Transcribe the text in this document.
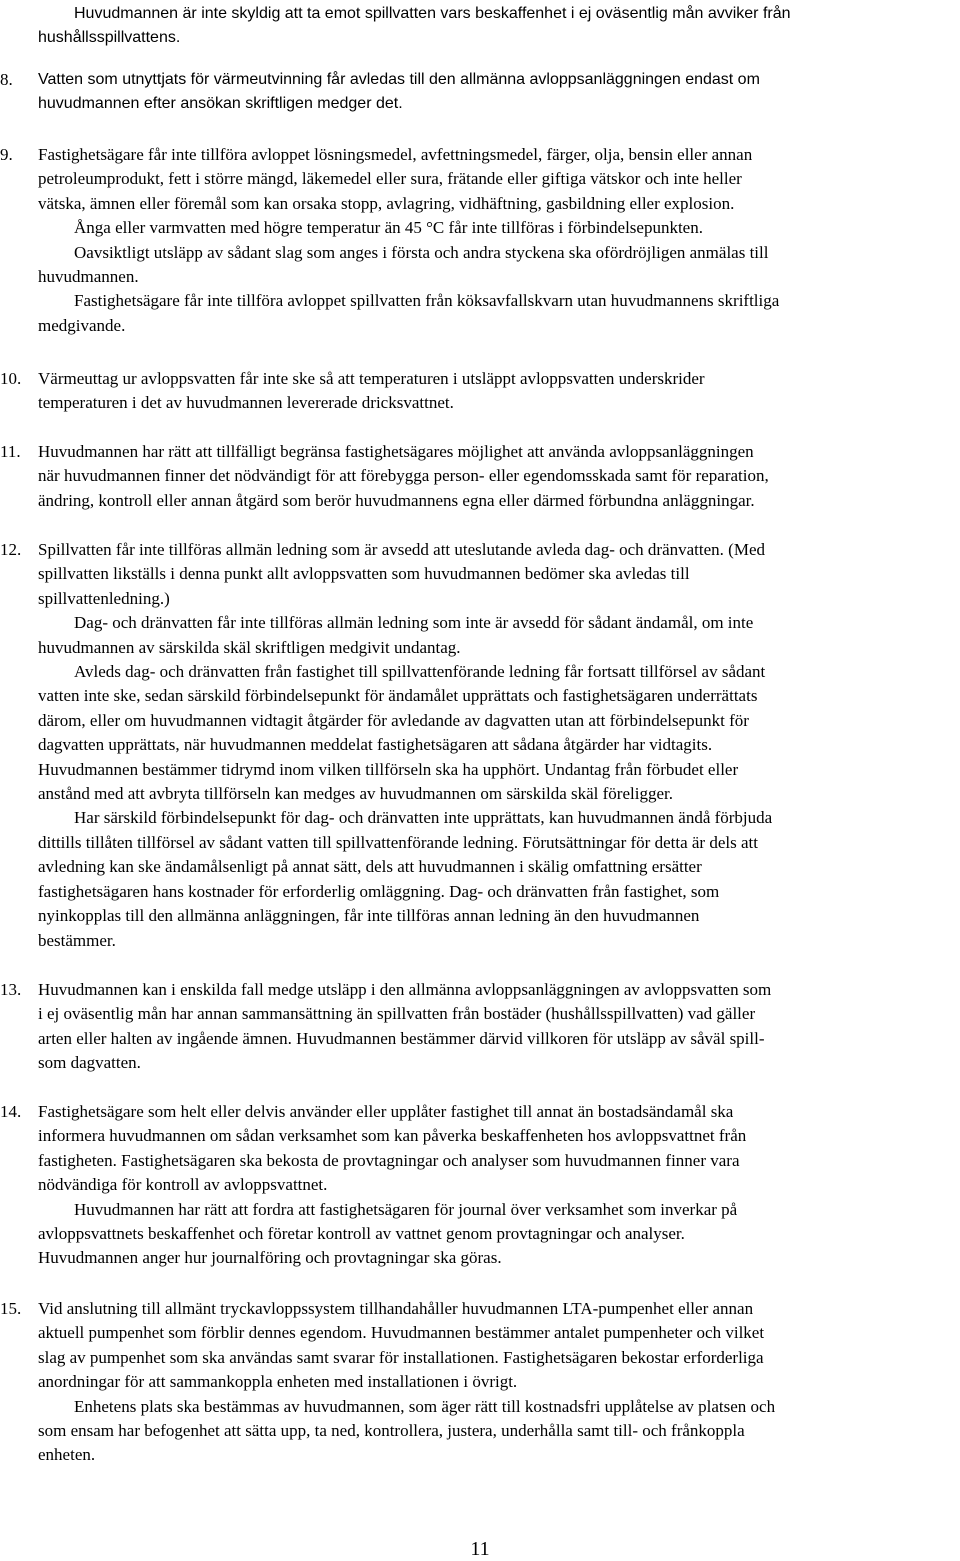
Huvudmannen är inte skyldig att ta emot spillvatten vars beskaffenhet i ej oväsentlig mån avviker från
hushållsspillvattens.

8. Vatten som utnyttjats för värmeutvinning får avledas till den allmänna avloppsanläggningen endast om
huvudmannen efter ansökan skriftligen medger det.

9. Fastighetsägare får inte tillföra avloppet lösningsmedel, avfettningsmedel, färger, olja, bensin eller annan
petroleumprodukt, fett i större mängd, läkemedel eller sura, frätande eller giftiga vätskor och inte heller
vätska, ämnen eller föremål som kan orsaka stopp, avlagring, vidhäftning, gasbildning eller explosion.

Ånga eller varmvatten med högre temperatur än 45 °C får inte tillföras i förbindelsepunkten.

Oavsiktligt utsläpp av sådant slag som anges i första och andra styckena ska ofördröjligen anmälas till
huvudmannen.

Fastighetsägare får inte tillföra avloppet spillvatten från köksavfallskvarn utan huvudmannens skriftliga
medgivande.

10. Värmeuttag ur avloppsvatten får inte ske så att temperaturen i utsläppt avloppsvatten underskrider
temperaturen i det av huvudmannen levererade dricksvattnet.

11. Huvudmannen har rätt att tillfälligt begränsa fastighetsägares möjlighet att använda avloppsanläggningen
när huvudmannen finner det nödvändigt för att förebygga person- eller egendomsskada samt för reparation,
ändring, kontroll eller annan åtgärd som berör huvudmannens egna eller därmed förbundna anläggningar.

12. Spillvatten får inte tillföras allmän ledning som är avsedd att uteslutande avleda dag- och dränvatten. (Med
spillvatten likställs i denna punkt allt avloppsvatten som huvudmannen bedömer ska avledas till
spillvattenledning.)

Dag- och dränvatten får inte tillföras allmän ledning som inte är avsedd för sådant ändamål, om inte
huvudmannen av särskilda skäl skriftligen medgivit undantag.

Avleds dag- och dränvatten från fastighet till spillvattenförande ledning får fortsatt tillförsel av sådant
vatten inte ske, sedan särskild förbindelsepunkt för ändamålet upprättats och fastighetsägaren underrättats
därom, eller om huvudmannen vidtagit åtgärder för avledande av dagvatten utan att förbindelsepunkt för
dagvatten upprättats, när huvudmannen meddelat fastighetsägaren att sådana åtgärder har vidtagits.
Huvudmannen bestämmer tidrymd inom vilken tillförseln ska ha upphört. Undantag från förbudet eller
anstånd med att avbryta tillförseln kan medges av huvudmannen om särskilda skäl föreligger.

Har särskild förbindelsepunkt för dag- och dränvatten inte upprättats, kan huvudmannen ändå förbjuda
dittills tillåten tillförsel av sådant vatten till spillvattenförande ledning. Förutsättningar för detta är dels att
avledning kan ske ändamålsenligt på annat sätt, dels att huvudmannen i skälig omfattning ersätter
fastighetsägaren hans kostnader för erforderlig omläggning. Dag- och dränvatten från fastighet, som
nyinkopplas till den allmänna anläggningen, får inte tillföras annan ledning än den huvudmannen
bestämmer.

13. Huvudmannen kan i enskilda fall medge utsläpp i den allmänna avloppsanläggningen av avloppsvatten som
i ej oväsentlig mån har annan sammansättning än spillvatten från bostäder (hushållsspillvatten) vad gäller
arten eller halten av ingående ämnen. Huvudmannen bestämmer därvid villkoren för utsläpp av såväl spill-
som dagvatten.

14. Fastighetsägare som helt eller delvis använder eller upplåter fastighet till annat än bostadsändamål ska
informera huvudmannen om sådan verksamhet som kan påverka beskaffenheten hos avloppsvattnet från
fastigheten. Fastighetsägaren ska bekosta de provtagningar och analyser som huvudmannen finner vara
nödvändiga för kontroll av avloppsvattnet.

Huvudmannen har rätt att fordra att fastighetsägaren för journal över verksamhet som inverkar på
avloppsvattnets beskaffenhet och företar kontroll av vattnet genom provtagningar och analyser.
Huvudmannen anger hur journalföring och provtagningar ska göras.

15. Vid anslutning till allmänt tryckavloppssystem tillhandahåller huvudmannen LTA-pumpenhet eller annan
aktuell pumpenhet som förblir dennes egendom. Huvudmannen bestämmer antalet pumpenheter och vilket
slag av pumpenhet som ska användas samt svarar för installationen. Fastighetsägaren bekostar erforderliga
anordningar för att sammankoppla enheten med installationen i övrigt.

Enhetens plats ska bestämmas av huvudmannen, som äger rätt till kostnadsfri upplåtelse av platsen och
som ensam har befogenhet att sätta upp, ta ned, kontrollera, justera, underhålla samt till- och frånkoppla
enheten.

11
